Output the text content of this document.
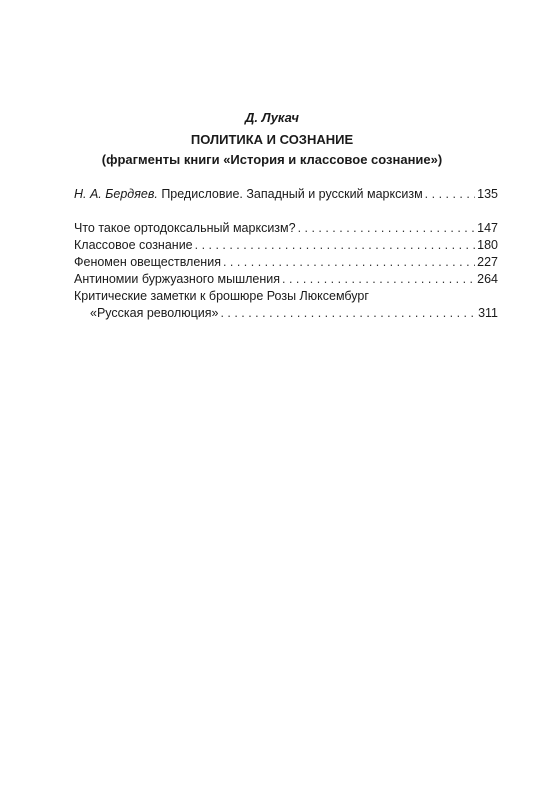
Д. Лукач
ПОЛИТИКА И СОЗНАНИЕ
(фрагменты книги «История и классовое сознание»)
Н. А. Бердяев. Предисловие. Западный и русский марксизм . . .	135
Что такое ортодоксальный марксизм? . . .	147
Классовое сознание . . .	180
Феномен овеществления . . .	227
Антиномии буржуазного мышления . . .	264
Критические заметки к брошюре Розы Люксембург
«Русская революция» . . .	311
